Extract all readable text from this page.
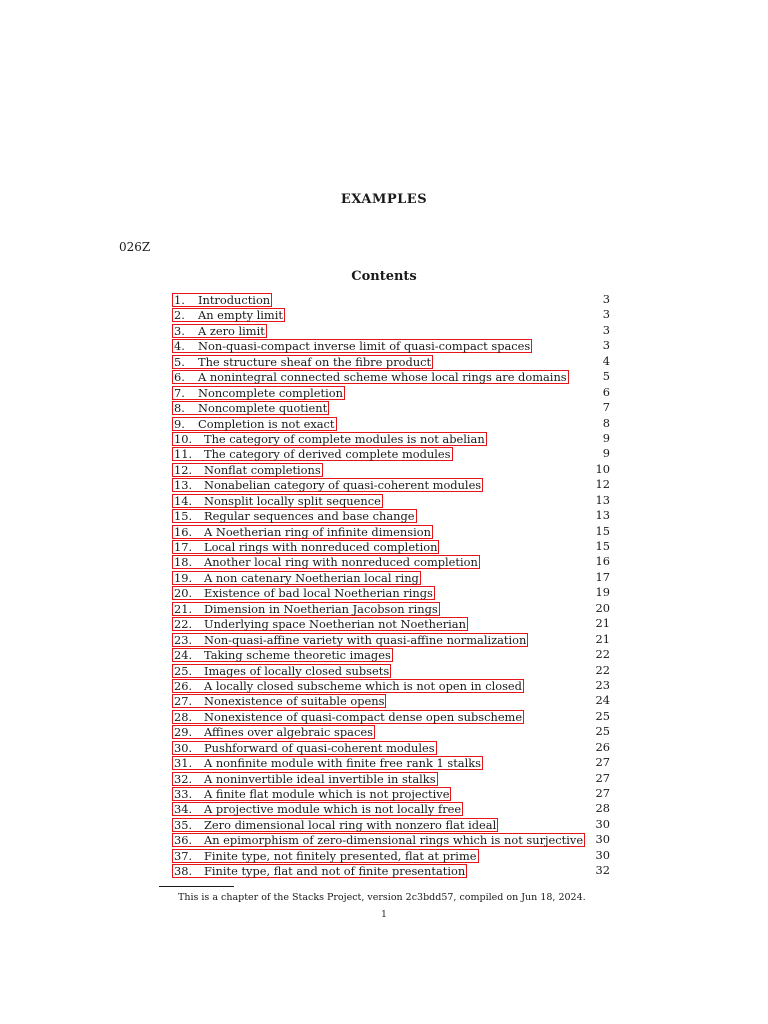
EXAMPLES
026Z
Contents
1. Introduction	3
2. An empty limit	3
3. A zero limit	3
4. Non-quasi-compact inverse limit of quasi-compact spaces	3
5. The structure sheaf on the fibre product	4
6. A nonintegral connected scheme whose local rings are domains	5
7. Noncomplete completion	6
8. Noncomplete quotient	7
9. Completion is not exact	8
10. The category of complete modules is not abelian	9
11. The category of derived complete modules	9
12. Nonflat completions	10
13. Nonabelian category of quasi-coherent modules	12
14. Nonsplit locally split sequence	13
15. Regular sequences and base change	13
16. A Noetherian ring of infinite dimension	15
17. Local rings with nonreduced completion	15
18. Another local ring with nonreduced completion	16
19. A non catenary Noetherian local ring	17
20. Existence of bad local Noetherian rings	19
21. Dimension in Noetherian Jacobson rings	20
22. Underlying space Noetherian not Noetherian	21
23. Non-quasi-affine variety with quasi-affine normalization	21
24. Taking scheme theoretic images	22
25. Images of locally closed subsets	22
26. A locally closed subscheme which is not open in closed	23
27. Nonexistence of suitable opens	24
28. Nonexistence of quasi-compact dense open subscheme	25
29. Affines over algebraic spaces	25
30. Pushforward of quasi-coherent modules	26
31. A nonfinite module with finite free rank 1 stalks	27
32. A noninvertible ideal invertible in stalks	27
33. A finite flat module which is not projective	27
34. A projective module which is not locally free	28
35. Zero dimensional local ring with nonzero flat ideal	30
36. An epimorphism of zero-dimensional rings which is not surjective 30
37. Finite type, not finitely presented, flat at prime	30
38. Finite type, flat and not of finite presentation	32
This is a chapter of the Stacks Project, version 2c3bdd57, compiled on Jun 18, 2024.
1
